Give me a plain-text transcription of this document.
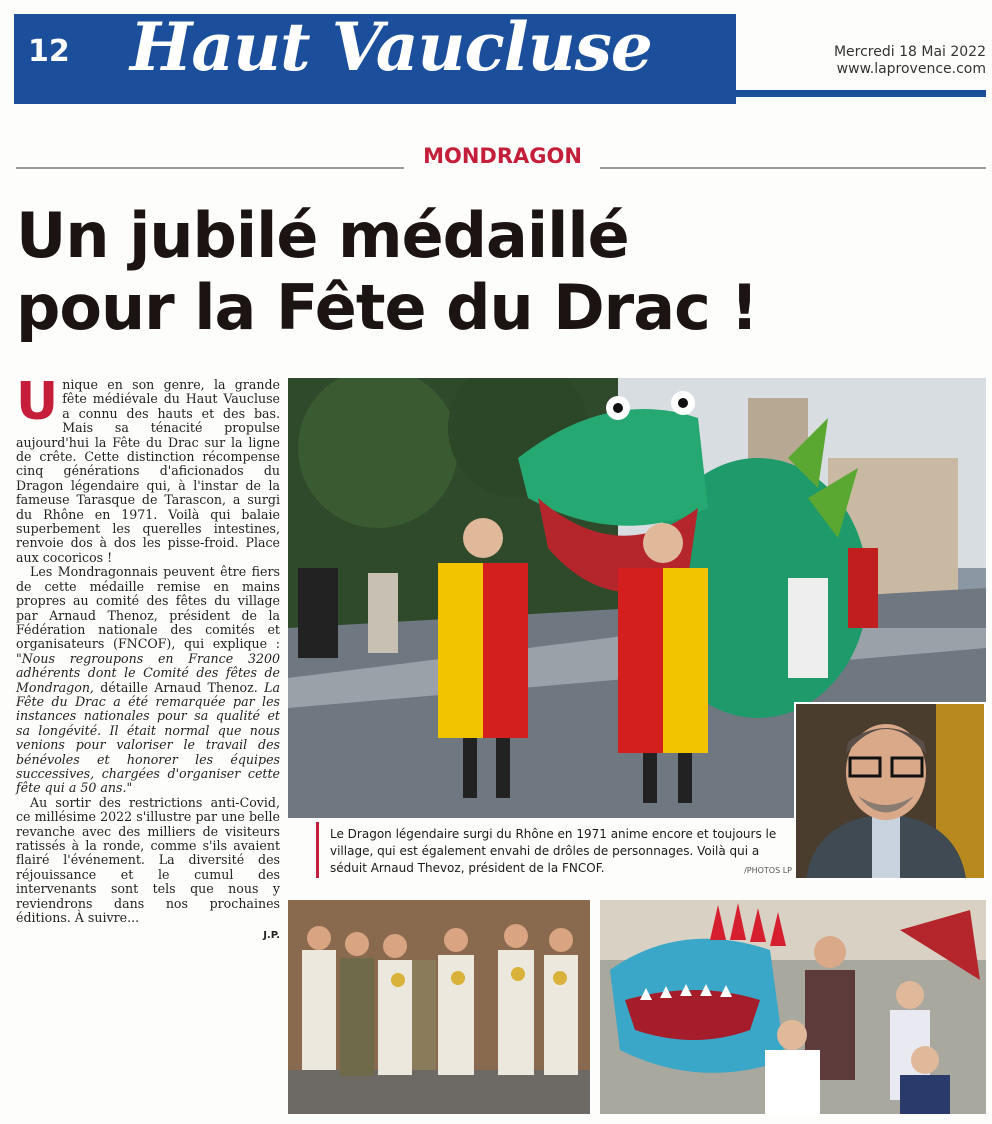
12 Haut Vaucluse	Mercredi 18 Mai 2022
www.laprovence.com
MONDRAGON
Un jubilé médaillé
pour la Fête du Drac !

Unique en son genre, la grande fête médiévale du Haut Vaucluse a connu des hauts et des bas. Mais sa ténacité propulse aujourd'hui la Fête du Drac sur la ligne de crête. Cette distinction récompense cinq générations d'aficionados du Dragon légendaire qui, à l'instar de la fameuse Tarasque de Tarascon, a surgi du Rhône en 1971. Voilà qui balaie superbement les querelles intestines, renvoie dos à dos les pisse-froid. Place aux cocoricos !

Les Mondragonnais peuvent être fiers de cette médaille remise en mains propres au comité des fêtes du village par Arnaud Thenoz, président de la Fédération nationale des comités et organisateurs (FNCOF), qui explique : "Nous regroupons en France 3200 adhérents dont le Comité des fêtes de Mondragon, détaille Arnaud Thenoz. La Fête du Drac a été remarquée par les instances nationales pour sa qualité et sa longévité. Il était normal que nous venions pour valoriser le travail des bénévoles et honorer les équipes successives, chargées d'organiser cette fête qui a 50 ans."

Au sortir des restrictions anti-Covid, ce millésime 2022 s'illustre par une belle revanche avec des milliers de visiteurs ratissés à la ronde, comme s'ils avaient flairé l'événement. La diversité des réjouissance et le cumul des intervenants sont tels que nous y reviendrons dans nos prochaines éditions. À suivre...

J.P.
Le Dragon légendaire surgi du Rhône en 1971 anime encore et toujours le village, qui est également envahi de drôles de personnages. Voilà qui a séduit Arnaud Thevoz, président de la FNCOF.	/PHOTOS LP
